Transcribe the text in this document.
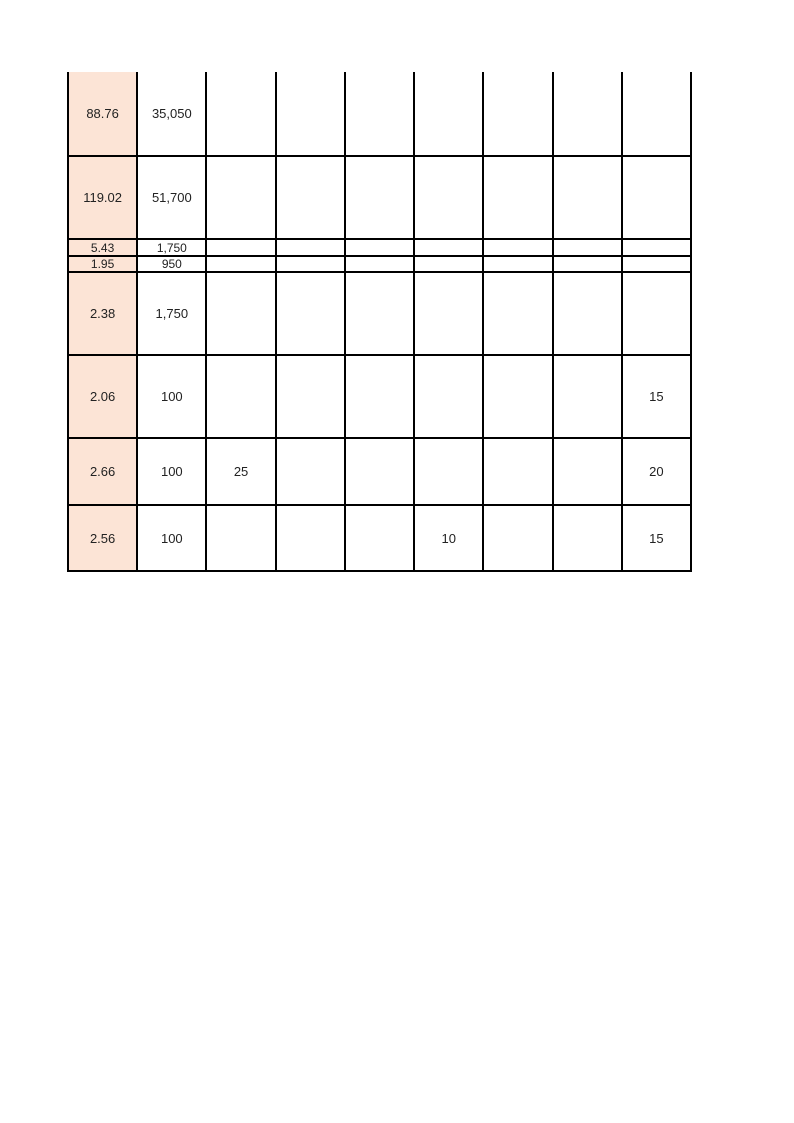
88.76	35,050							
119.02	51,700							
5.43	1,750							
1.95	950							
2.38	1,750							
2.06	100							15
2.66	100	25						20
2.56	100				10			15
